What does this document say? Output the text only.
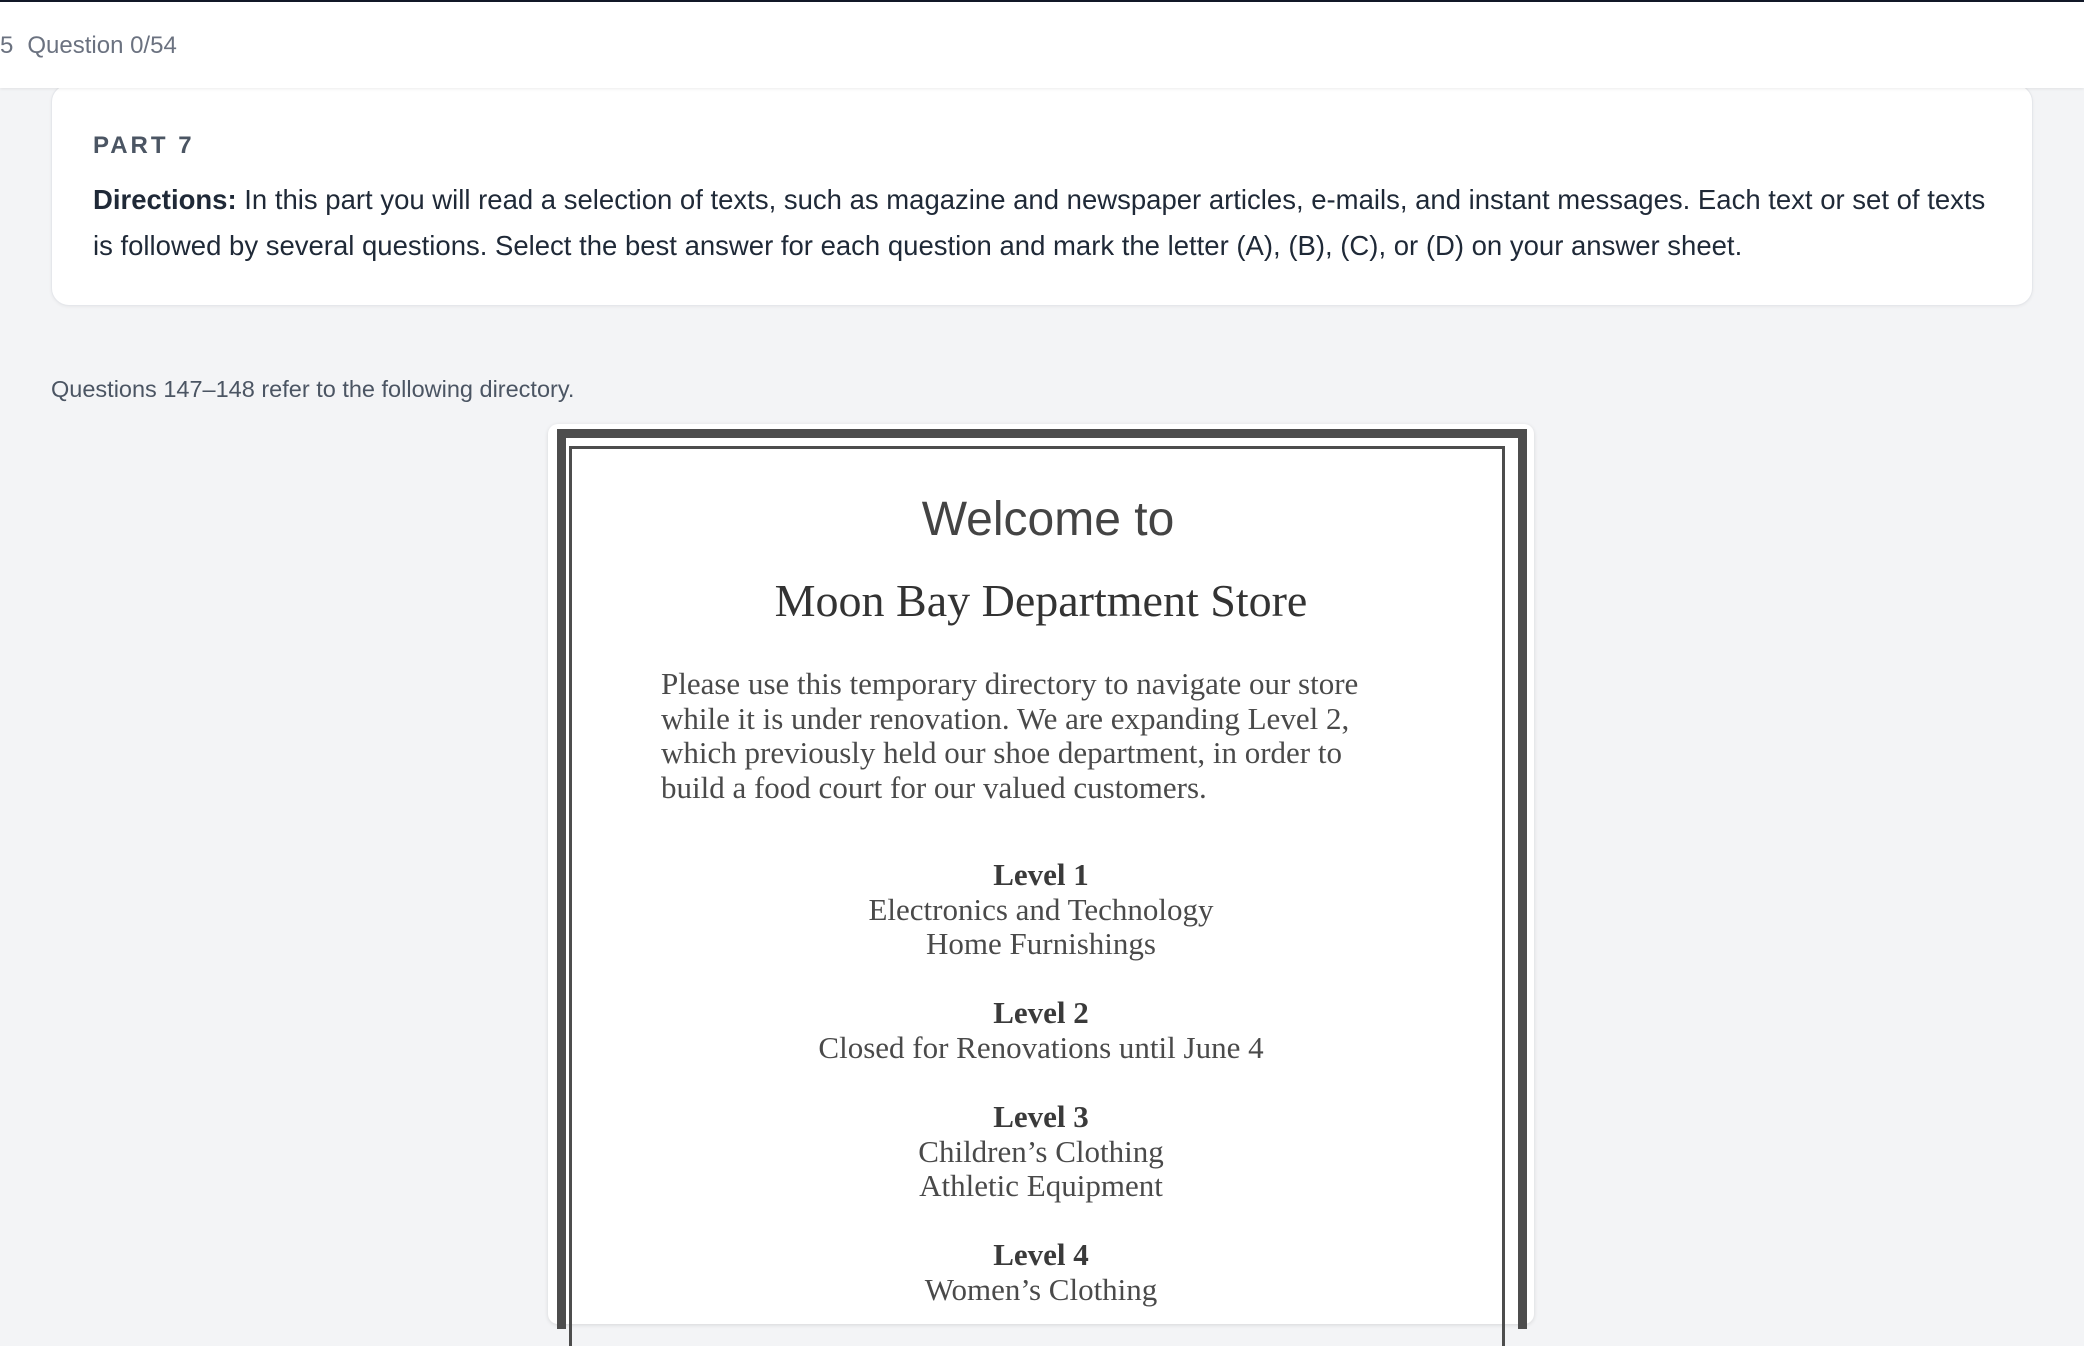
5 Question 0/54
PART 7
Directions: In this part you will read a selection of texts, such as magazine and newspaper articles, e-mails, and instant messages. Each text or set of texts is followed by several questions. Select the best answer for each question and mark the letter (A), (B), (C), or (D) on your answer sheet.
Questions 147–148 refer to the following directory.
Welcome to
Moon Bay Department Store
Please use this temporary directory to navigate our store
while it is under renovation. We are expanding Level 2,
which previously held our shoe department, in order to
build a food court for our valued customers.
Level 1
Electronics and Technology
Home Furnishings
Level 2
Closed for Renovations until June 4
Level 3
Children’s Clothing
Athletic Equipment
Level 4
Women’s Clothing
